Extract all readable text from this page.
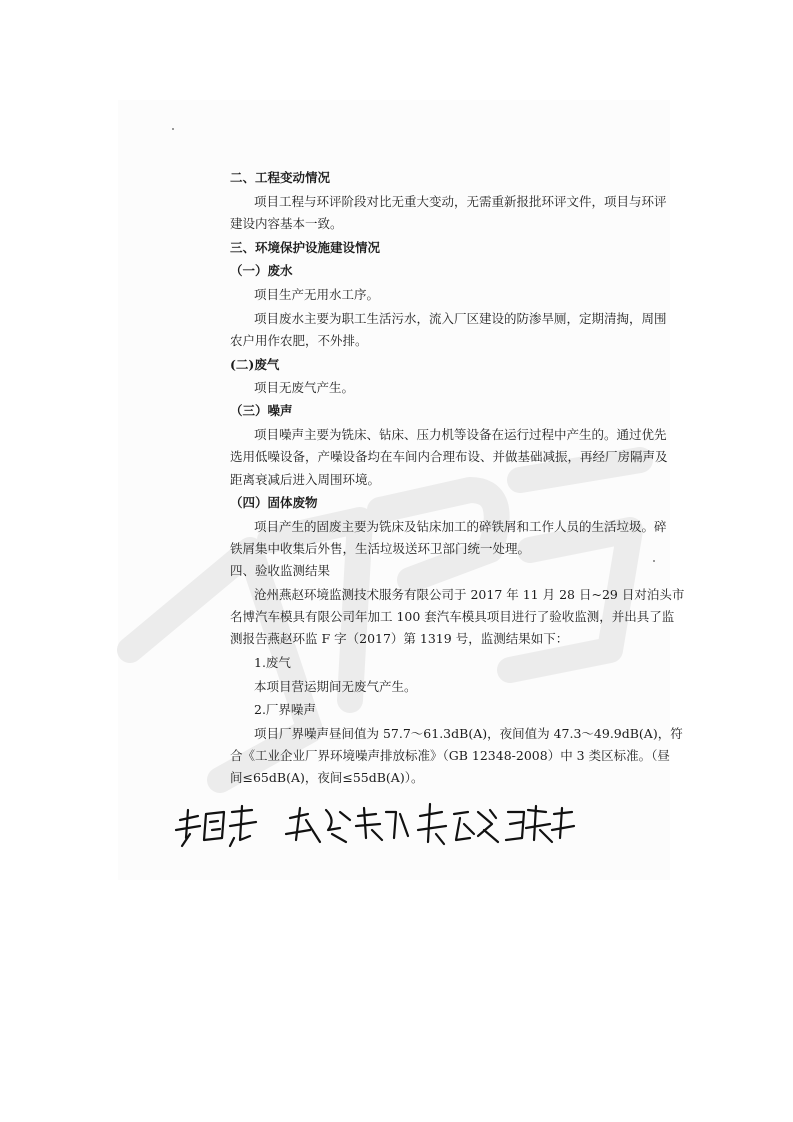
二、工程变动情况

项目工程与环评阶段对比无重大变动，无需重新报批环评文件，项目与环评

建设内容基本一致。

三、环境保护设施建设情况

（一）废水

项目生产无用水工序。

项目废水主要为职工生活污水，流入厂区建设的防渗旱厕，定期清掏，周围

农户用作农肥，不外排。

(二)废气

项目无废气产生。

（三）噪声

项目噪声主要为铣床、钻床、压力机等设备在运行过程中产生的。通过优先

选用低噪设备，产噪设备均在车间内合理布设、并做基础减振，再经厂房隔声及

距离衰减后进入周围环境。

（四）固体废物

项目产生的固废主要为铣床及钻床加工的碎铁屑和工作人员的生活垃圾。碎

铁屑集中收集后外售，生活垃圾送环卫部门统一处理。

四、验收监测结果

沧州燕赵环境监测技术服务有限公司于 2017 年 11 月 28 日~29 日对泊头市

名博汽车模具有限公司年加工 100 套汽车模具项目进行了验收监测，并出具了监

测报告燕赵环监 F 字（2017）第 1319 号，监测结果如下：

1.废气

本项目营运期间无废气产生。

2.厂界噪声

项目厂界噪声昼间值为 57.7～61.3dB(A)，夜间值为 47.3～49.9dB(A)，符

合《工业企业厂界环境噪声排放标准》（GB 12348-2008）中 3 类区标准。（昼

间≤65dB(A)，夜间≤55dB(A)）。
